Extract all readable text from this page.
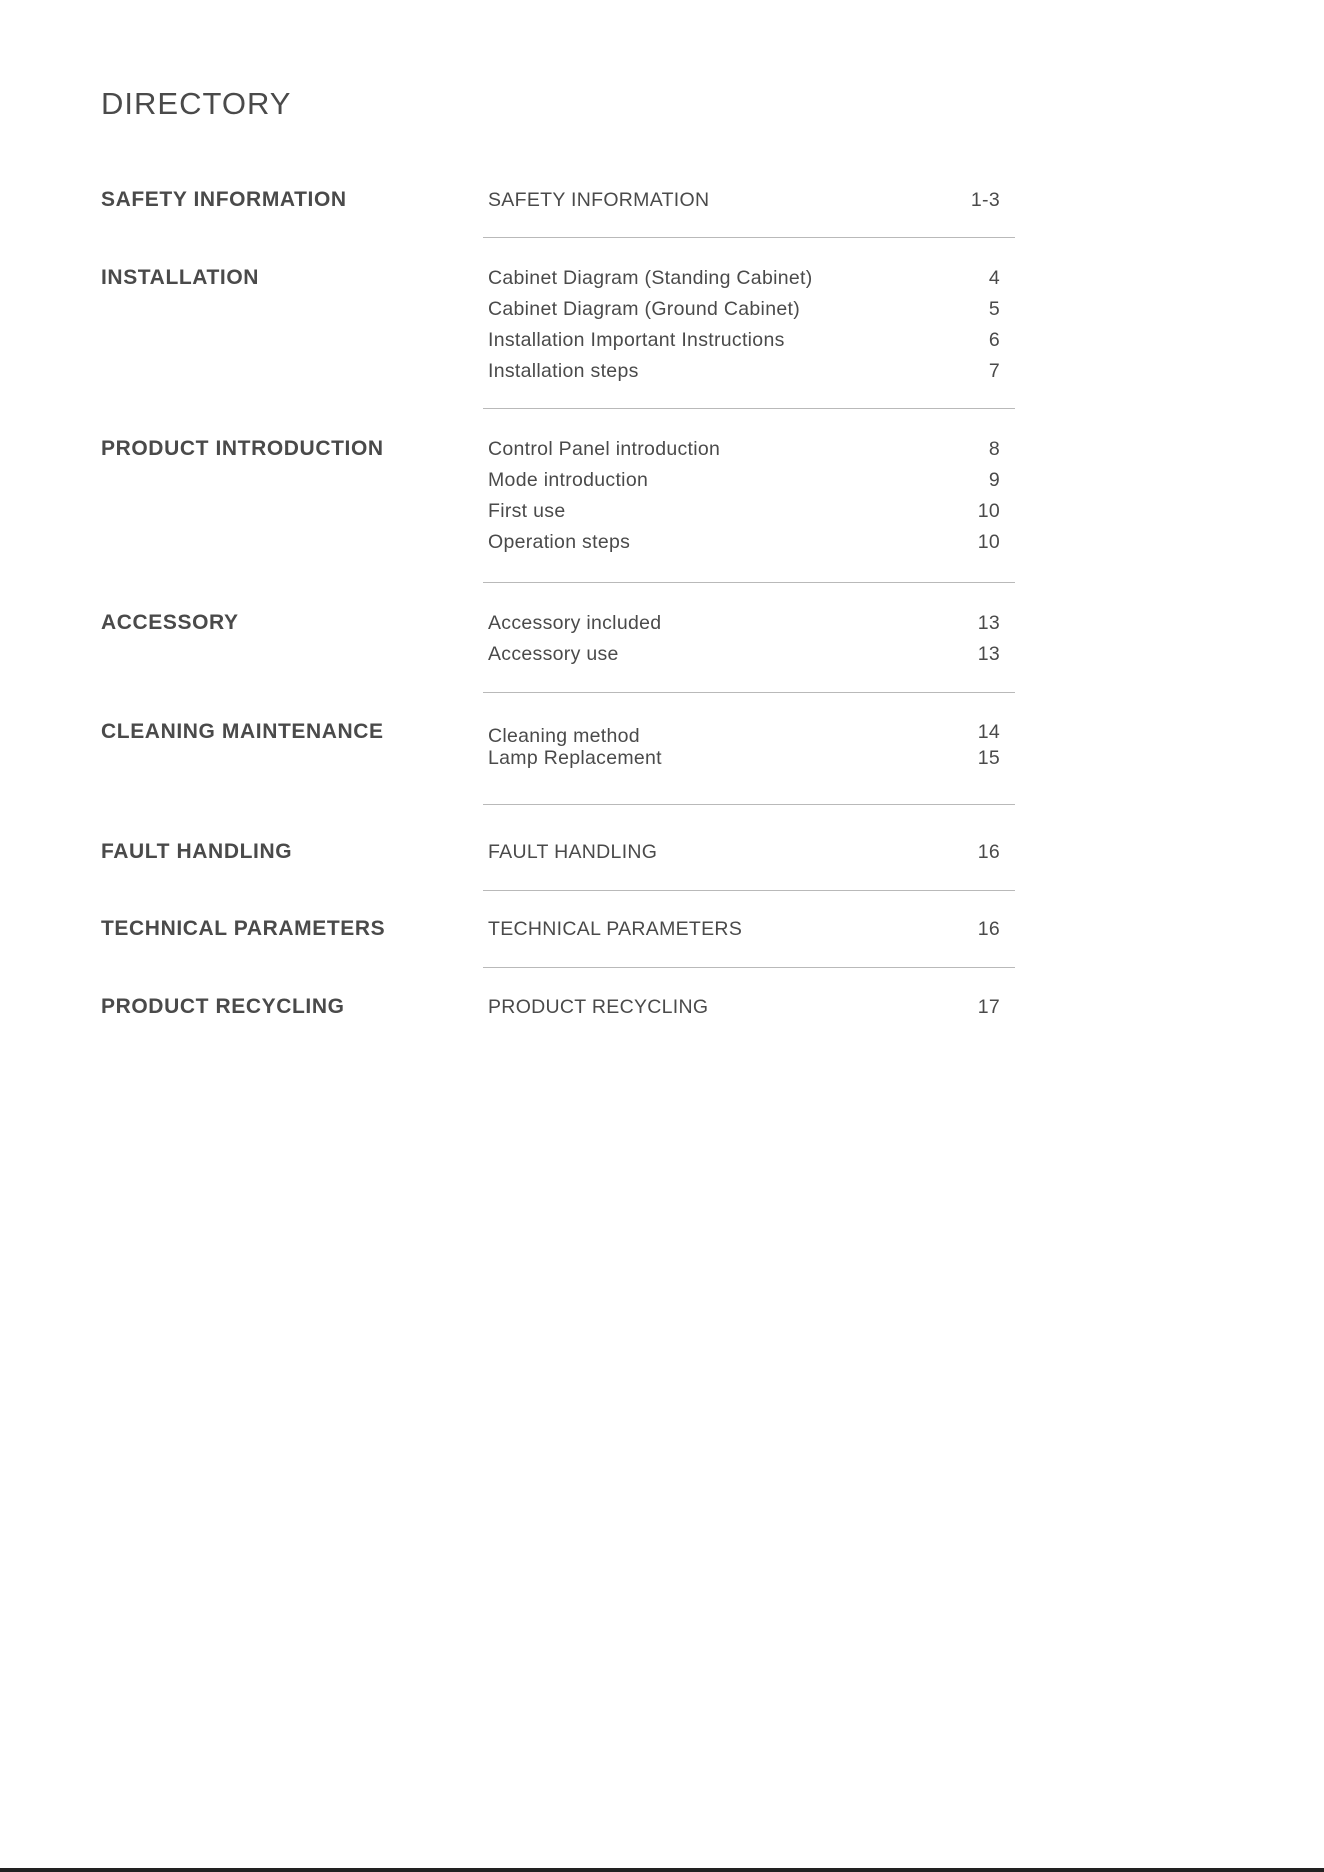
DIRECTORY
SAFETY INFORMATION	SAFETY INFORMATION	1-3
INSTALLATION	Cabinet Diagram (Standing Cabinet)	4
Cabinet Diagram (Ground Cabinet)	5
Installation Important Instructions	6
Installation steps	7
PRODUCT INTRODUCTION	Control Panel introduction	8
Mode introduction	9
First use	10
Operation steps	10
ACCESSORY	Accessory included	13
Accessory use	13
CLEANING MAINTENANCE	Cleaning method	14
Lamp Replacement	15
FAULT HANDLING	FAULT HANDLING	16
TECHNICAL PARAMETERS	TECHNICAL PARAMETERS	16
PRODUCT RECYCLING	PRODUCT RECYCLING	17
